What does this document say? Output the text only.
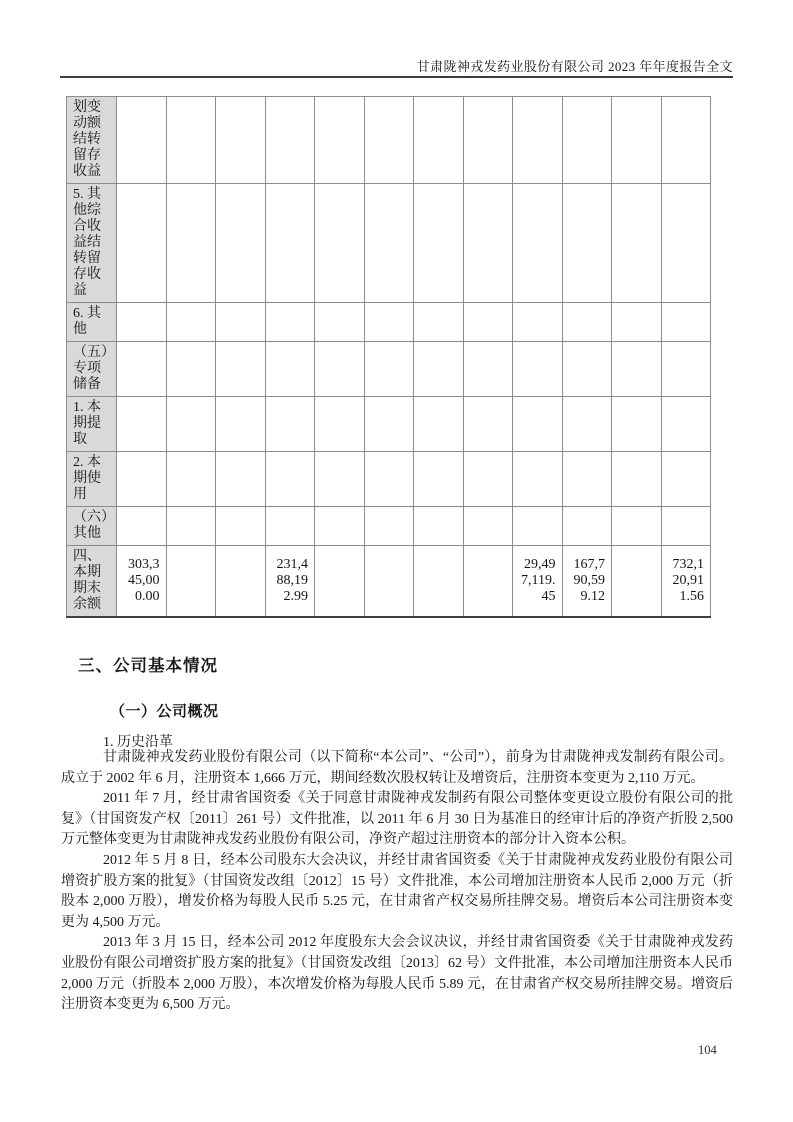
甘肃陇神戎发药业股份有限公司 2023 年年度报告全文
划变动额结转留存收益												
5. 其他综合收益结转留存收益												
6. 其他												
（五）专项储备												
1. 本期提取												
2. 本期使用												
（六）其他												
四、本期期末余额	303,345,000.00			231,488,192.99					29,497,119.45	167,790,599.12		732,120,911.56
三、公司基本情况
（一）公司概况
1. 历史沿革

甘肃陇神戎发药业股份有限公司（以下简称“本公司”、“公司”），前身为甘肃陇神戎发制药有限公司。成立于 2002 年 6 月，注册资本 1,666 万元，期间经数次股权转让及增资后，注册资本变更为 2,110 万元。

2011 年 7 月，经甘肃省国资委《关于同意甘肃陇神戎发制药有限公司整体变更设立股份有限公司的批复》（甘国资发产权〔2011〕261 号）文件批准，以 2011 年 6 月 30 日为基准日的经审计后的净资产折股 2,500 万元整体变更为甘肃陇神戎发药业股份有限公司，净资产超过注册资本的部分计入资本公积。

2012 年 5 月 8 日，经本公司股东大会决议，并经甘肃省国资委《关于甘肃陇神戎发药业股份有限公司增资扩股方案的批复》（甘国资发改组〔2012〕15 号）文件批准，本公司增加注册资本人民币 2,000 万元（折股本 2,000 万股），增发价格为每股人民币 5.25 元，在甘肃省产权交易所挂牌交易。增资后本公司注册资本变更为 4,500 万元。

2013 年 3 月 15 日，经本公司 2012 年度股东大会会议决议，并经甘肃省国资委《关于甘肃陇神戎发药业股份有限公司增资扩股方案的批复》（甘国资发改组〔2013〕62 号）文件批准，本公司增加注册资本人民币 2,000 万元（折股本 2,000 万股），本次增发价格为每股人民币 5.89 元，在甘肃省产权交易所挂牌交易。增资后注册资本变更为 6,500 万元。

104
